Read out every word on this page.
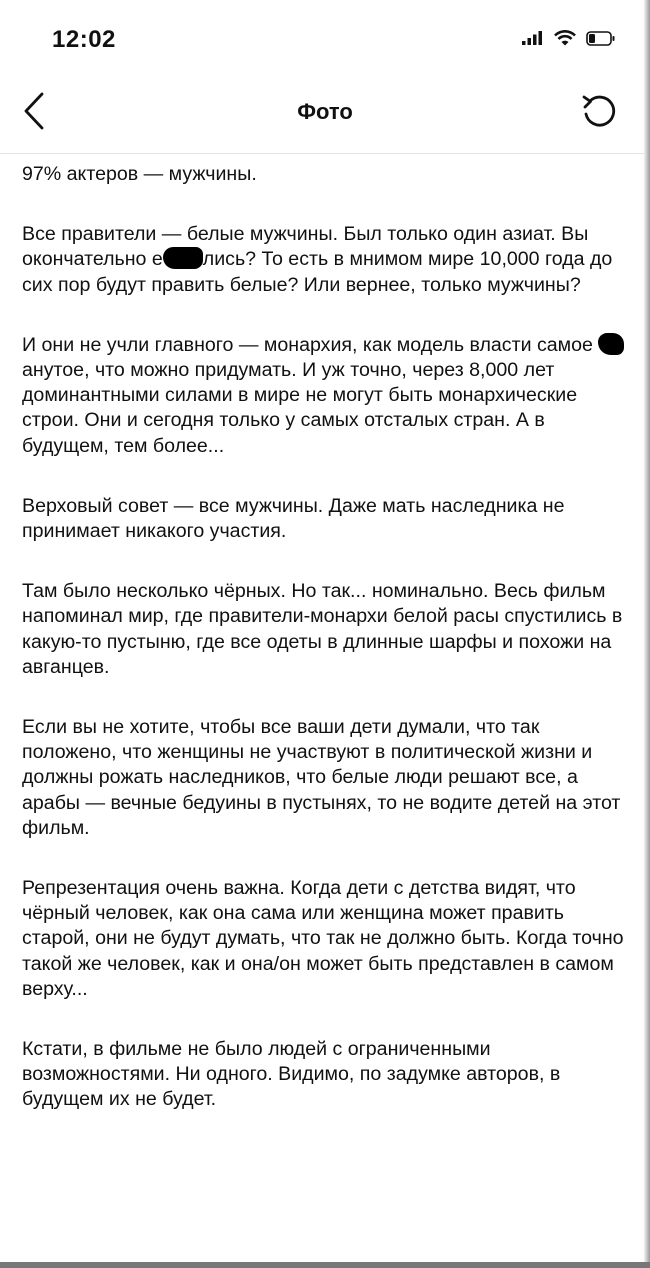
12:02
Фото

97% актеров — мужчины.

Все правители — белые мужчины. Был только один азиат. Вы окончательно е лись? То есть в мнимом мире 10,000 года до сих пор будут править белые? Или вернее, только мужчины?

И они не учли главного — монархия, как модель власти самое анутое, что можно придумать. И уж точно, через 8,000 лет доминантными силами в мире не могут быть монархические строи. Они и сегодня только у самых отсталых стран. А в будущем, тем более...

Верховый совет — все мужчины. Даже мать наследника не принимает никакого участия.

Там было несколько чёрных. Но так... номинально. Весь фильм напоминал мир, где правители-монархи белой расы спустились в какую-то пустыню, где все одеты в длинные шарфы и похожи на авганцев.

Если вы не хотите, чтобы все ваши дети думали, что так положено, что женщины не участвуют в политической жизни и должны рожать наследников, что белые люди решают все, а арабы — вечные бедуины в пустынях, то не водите детей на этот фильм.

Репрезентация очень важна. Когда дети с детства видят, что чёрный человек, как она сама или женщина может править старой, они не будут думать, что так не должно быть. Когда точно такой же человек, как и она/он может быть представлен в самом верху...

Кстати, в фильме не было людей с ограниченными возможностями. Ни одного. Видимо, по задумке авторов, в будущем их не будет.
